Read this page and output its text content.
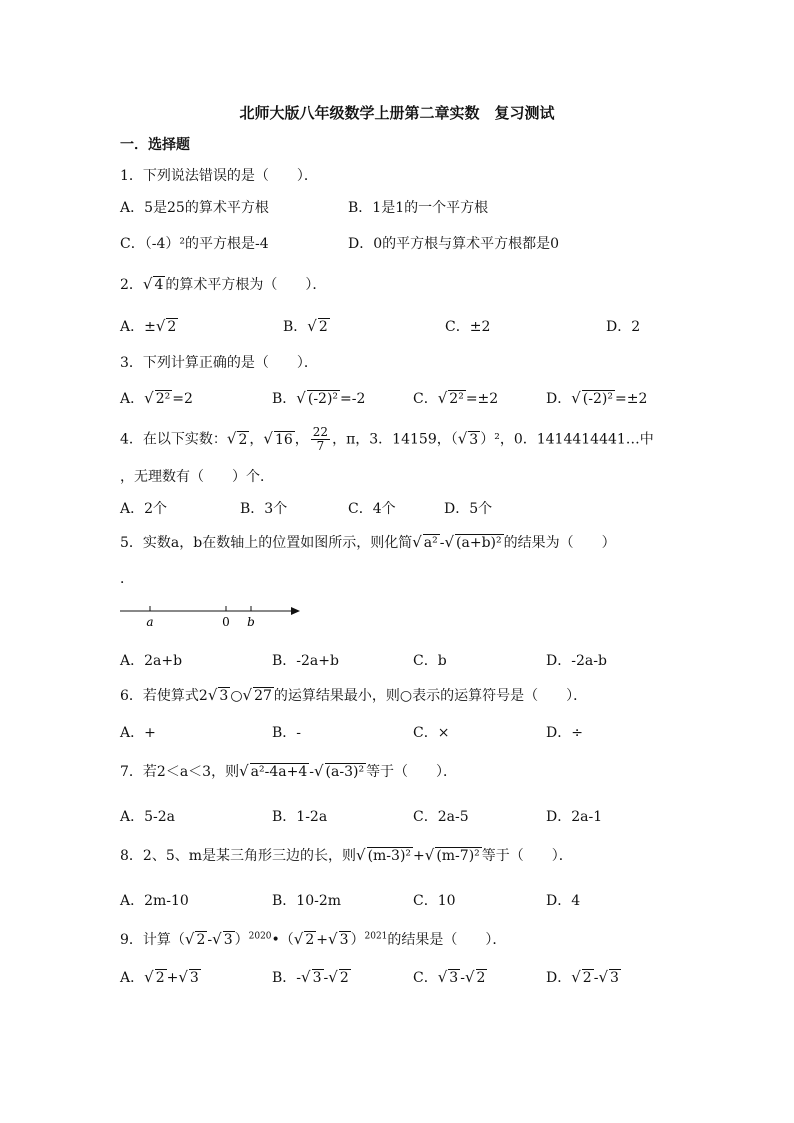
北师大版八年级数学上册第二章实数　复习测试
一．选择题
1．下列说法错误的是（　　）．
A．5是25的算术平方根	B．1是1的一个平方根
C．（-4）²的平方根是-4	D．0的平方根与算术平方根都是0
2．√ 4 的算术平方根为（　　）．
A．±√ 2	B．√ 2	C．±2	D．2
3．下列计算正确的是（　　）．
A．√ 2² =2	B．√ (-2)² =-2	C．√ 2² =±2	D．√ (-2)² =±2
4．在以下实数：√ 2 ，√ 16 ， $\frac{22}{7}$ ，π，3．14159，（√ 3 ）²，0．1414414441…中
，无理数有（　　）个．
A．2个	B．3个	C．4个	D．5个
5．实数a，b在数轴上的位置如图所示，则化简√ a² -√ (a+b)² 的结果为（　　）
．
a	0 b
A．2a+b	B．-2a+b	C．b	D．-2a-b
6．若使算式2√ 3 ○√ 27 的运算结果最小，则○表示的运算符号是（　　）．
A．+	B．-	C．×	D．÷
7．若2＜a＜3，则√ a²-4a+4 -√ (a-3)² 等于（　　）．
A．5-2a	B．1-2a	C．2a-5	D．2a-1
8．2、5、m是某三角形三边的长，则√ (m-3)² +√ (m-7)² 等于（　　）．
A．2m-10	B．10-2m	C．10	D．4
9．计算（√ 2 -√ 3 ）$^{2020}$•（√ 2 +√ 3 ）$^{2021}$的结果是（　　）．
A．√ 2 +√ 3	B．-√ 3 -√ 2	C．√ 3 -√ 2	D．√ 2 -√ 3
